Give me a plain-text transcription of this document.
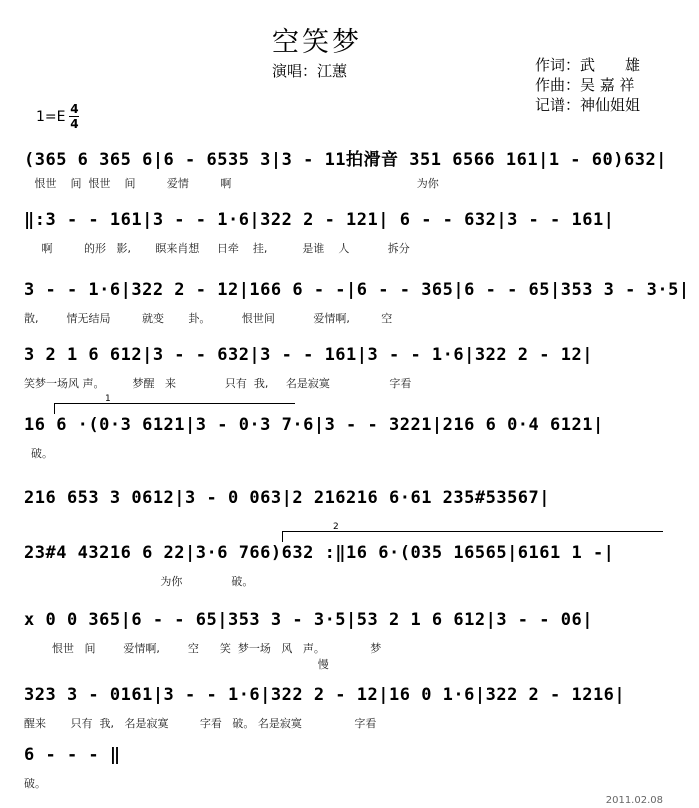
空笑梦
演唱：江蕙	作词：武　　雄
作曲：吴 嘉 祥
记谱：神仙姐姐
$1=E \frac{4}{4}$
(365 6 365 6|6 - 6535 3|3 - 11拍滑音 351 6566 161|1 - 60)632|
恨世    间  恨世    间         爱情         啊                                                     为你
‖:3 - - 161|3 - - 1·6|322 2 - 121| 6 - - 632|3 - - 161|
啊         的形   影,       瞑来肖想     日牵    挂,          是谁    人           拆分
3 - - 1·6|322 2 - 12|166 6 - -|6 - - 365|6 - - 65|353 3 - 3·5|
散,        情无结局         就变       卦。         恨世间           爱情啊,         空
3 2 1 6 612|3 - - 632|3 - - 161|3 - - 1·6|322 2 - 12|
笑梦一场风 声。        梦醒   来              只有  我,     名是寂寞                 字看
1
16 6 ·(0·3 6121|3 - 0·3 7·6|3 - - 3221|216 6 0·4 6121|
破。
216 653 3 0612|3 - 0 063|2 216216 6·61 235#53567|
2
23#4 43216 6 22|3·6 766)632 :‖16 6·(035 16565|6161 1 -|
为你              破。
x 0 0 365|6 - - 65|353 3 - 3·5|53 2 1 6 612|3 - - 06|
恨世   间        爱情啊,        空      笑  梦一场   风   声。             梦
慢
323 3 - 0161|3 - - 1·6|322 2 - 12|16 0 1·6|322 2 - 1216|
醒来       只有  我,   名是寂寞         字看   破。 名是寂寞               字看
6 - - - ‖
破。
2011.02.08
